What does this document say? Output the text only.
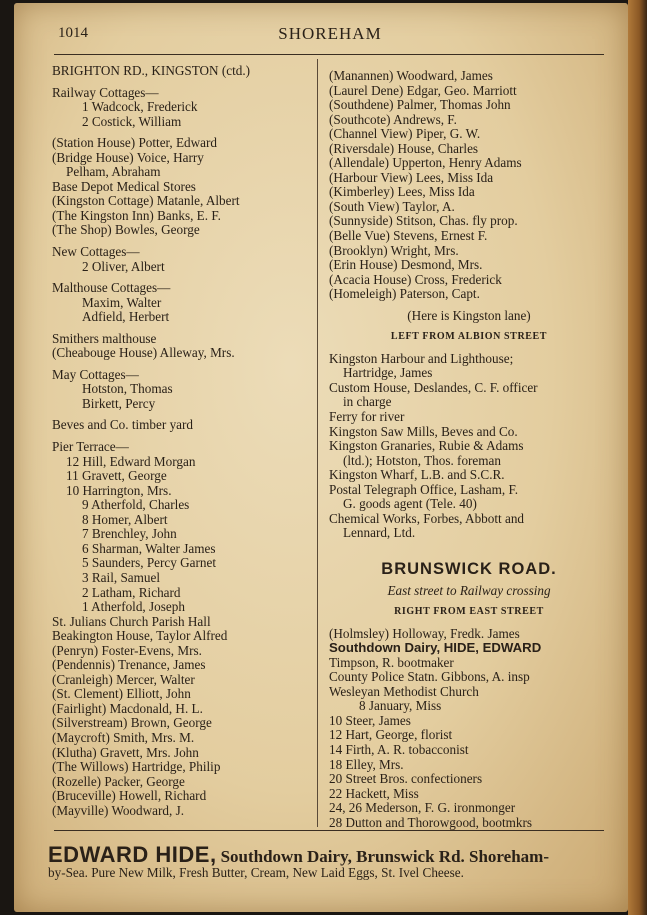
1014	SHOREHAM
BRIGHTON RD., KINGSTON (ctd.)
Railway Cottages—
1 Wadcock, Frederick
2 Costick, William
(Station House) Potter, Edward
(Bridge House) Voice, Harry
Pelham, Abraham
Base Depot Medical Stores
(Kingston Cottage) Matanle, Albert
(The Kingston Inn) Banks, E. F.
(The Shop) Bowles, George
New Cottages—
2 Oliver, Albert
Malthouse Cottages—
Maxim, Walter
Adfield, Herbert
Smithers malthouse
(Cheabouge House) Alleway, Mrs.
May Cottages—
Hotston, Thomas
Birkett, Percy
Beves and Co. timber yard
Pier Terrace—
12 Hill, Edward Morgan
11 Gravett, George
10 Harrington, Mrs.
9 Atherfold, Charles
8 Homer, Albert
7 Brenchley, John
6 Sharman, Walter James
5 Saunders, Percy Garnet
3 Rail, Samuel
2 Latham, Richard
1 Atherfold, Joseph
St. Julians Church Parish Hall
Beakington House, Taylor Alfred
(Penryn) Foster-Evens, Mrs.
(Pendennis) Trenance, James
(Cranleigh) Mercer, Walter
(St. Clement) Elliott, John
(Fairlight) Macdonald, H. L.
(Silverstream) Brown, George
(Maycroft) Smith, Mrs. M.
(Klutha) Gravett, Mrs. John
(The Willows) Hartridge, Philip
(Rozelle) Packer, George
(Bruceville) Howell, Richard
(Mayville) Woodward, J.
(Manannen) Woodward, James
(Laurel Dene) Edgar, Geo. Marriott
(Southdene) Palmer, Thomas John
(Southcote) Andrews, F.
(Channel View) Piper, G. W.
(Riversdale) House, Charles
(Allendale) Upperton, Henry Adams
(Harbour View) Lees, Miss Ida
(Kimberley) Lees, Miss Ida
(South View) Taylor, A.
(Sunnyside) Stitson, Chas. fly prop.
(Belle Vue) Stevens, Ernest F.
(Brooklyn) Wright, Mrs.
(Erin House) Desmond, Mrs.
(Acacia House) Cross, Frederick
(Homeleigh) Paterson, Capt.
(Here is Kingston lane)
LEFT FROM ALBION STREET
Kingston Harbour and Lighthouse;
Hartridge, James
Custom House, Deslandes, C. F. officer
in charge
Ferry for river
Kingston Saw Mills, Beves and Co.
Kingston Granaries, Rubie & Adams
(ltd.); Hotston, Thos. foreman
Kingston Wharf, L.B. and S.C.R.
Postal Telegraph Office, Lasham, F.
G. goods agent (Tele. 40)
Chemical Works, Forbes, Abbott and
Lennard, Ltd.
BRUNSWICK ROAD.
East street to Railway crossing
RIGHT FROM EAST STREET
(Holmsley) Holloway, Fredk. James
Southdown Dairy, HIDE, EDWARD
Timpson, R. bootmaker
County Police Statn. Gibbons, A. insp
Wesleyan Methodist Church
8 January, Miss
10 Steer, James
12 Hart, George, florist
14 Firth, A. R. tobacconist
18 Elley, Mrs.
20 Street Bros. confectioners
22 Hackett, Miss
24, 26 Mederson, F. G. ironmonger
28 Dutton and Thorowgood, bootmkrs
EDWARD HIDE, Southdown Dairy, Brunswick Rd. Shoreham-
by-Sea. Pure New Milk, Fresh Butter, Cream, New Laid Eggs, St. Ivel Cheese.
